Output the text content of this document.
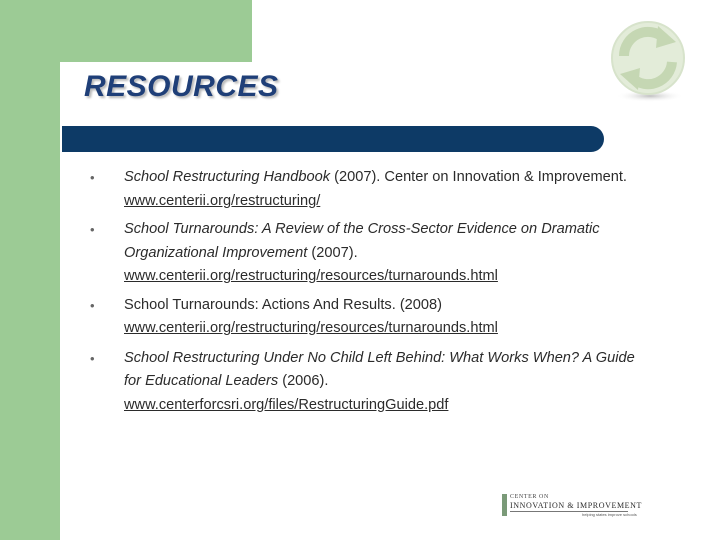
RESOURCES
• School Restructuring Handbook (2007). Center on Innovation & Improvement.
www.centerii.org/restructuring/
• School Turnarounds: A Review of the Cross-Sector Evidence on Dramatic
Organizational Improvement (2007).
www.centerii.org/restructuring/resources/turnarounds.html
• School Turnarounds: Actions And Results. (2008)
www.centerii.org/restructuring/resources/turnarounds.html
• School Restructuring Under No Child Left Behind: What Works When? A Guide
for Educational Leaders (2006).
www.centerforcsri.org/files/RestructuringGuide.pdf
CENTER ON
INNOVATION & IMPROVEMENT
helping states improve schools
